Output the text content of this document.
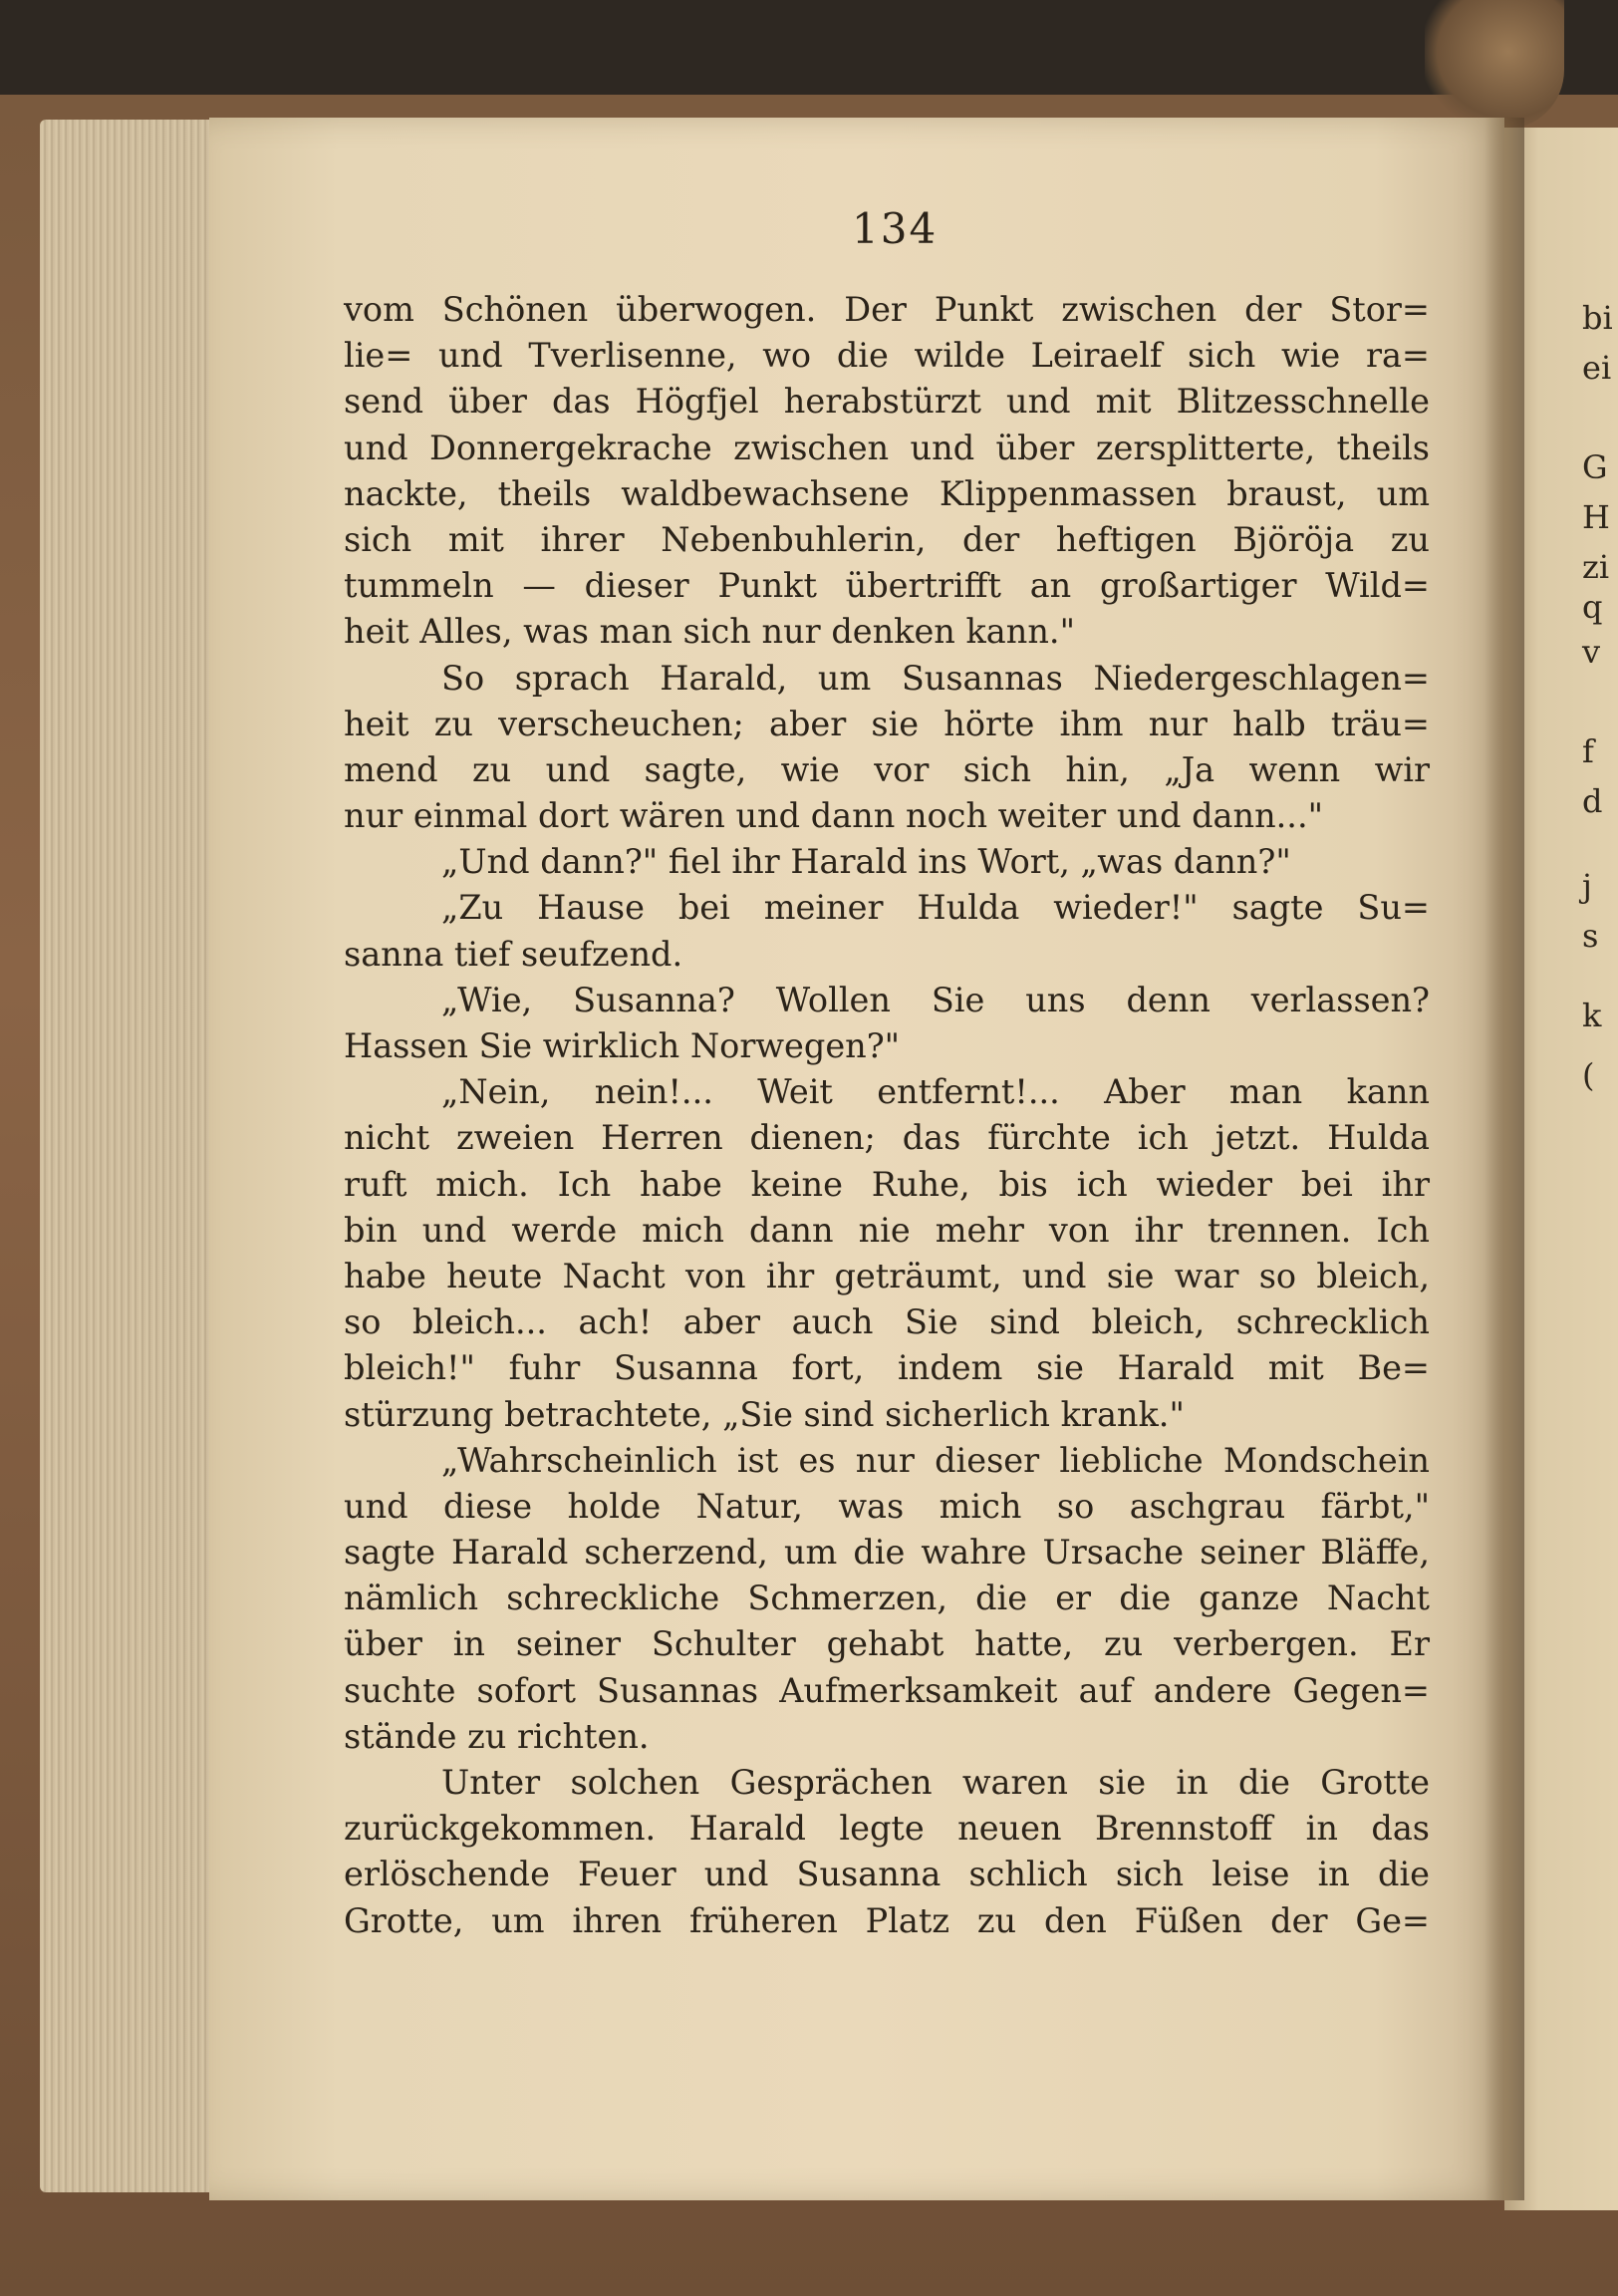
134
vom Schönen überwogen. Der Punkt zwischen der Stor=
lie= und Tverlisenne, wo die wilde Leiraelf sich wie ra=
send über das Högfjel herabstürzt und mit Blitzesschnelle
und Donnergekrache zwischen und über zersplitterte, theils
nackte, theils waldbewachsene Klippenmassen braust, um
sich mit ihrer Nebenbuhlerin, der heftigen Björöja zu
tummeln — dieser Punkt übertrifft an großartiger Wild=
heit Alles, was man sich nur denken kann."
So sprach Harald, um Susannas Niedergeschlagen=
heit zu verscheuchen; aber sie hörte ihm nur halb träu=
mend zu und sagte, wie vor sich hin, „Ja wenn wir
nur einmal dort wären und dann noch weiter und dann..."
„Und dann?" fiel ihr Harald ins Wort, „was dann?"
„Zu Hause bei meiner Hulda wieder!" sagte Su=
sanna tief seufzend.
„Wie, Susanna? Wollen Sie uns denn verlassen?
Hassen Sie wirklich Norwegen?"
„Nein, nein!... Weit entfernt!... Aber man kann
nicht zweien Herren dienen; das fürchte ich jetzt. Hulda
ruft mich. Ich habe keine Ruhe, bis ich wieder bei ihr
bin und werde mich dann nie mehr von ihr trennen. Ich
habe heute Nacht von ihr geträumt, und sie war so bleich,
so bleich... ach! aber auch Sie sind bleich, schrecklich
bleich!" fuhr Susanna fort, indem sie Harald mit Be=
stürzung betrachtete, „Sie sind sicherlich krank."
„Wahrscheinlich ist es nur dieser liebliche Mondschein
und diese holde Natur, was mich so aschgrau färbt,"
sagte Harald scherzend, um die wahre Ursache seiner Bläffe,
nämlich schreckliche Schmerzen, die er die ganze Nacht
über in seiner Schulter gehabt hatte, zu verbergen. Er
suchte sofort Susannas Aufmerksamkeit auf andere Gegen=
stände zu richten.
Unter solchen Gesprächen waren sie in die Grotte
zurückgekommen. Harald legte neuen Brennstoff in das
erlöschende Feuer und Susanna schlich sich leise in die
Grotte, um ihren früheren Platz zu den Füßen der Ge=
bi
ei
G
H
zi
q
v
f
d
j
s
k
(
